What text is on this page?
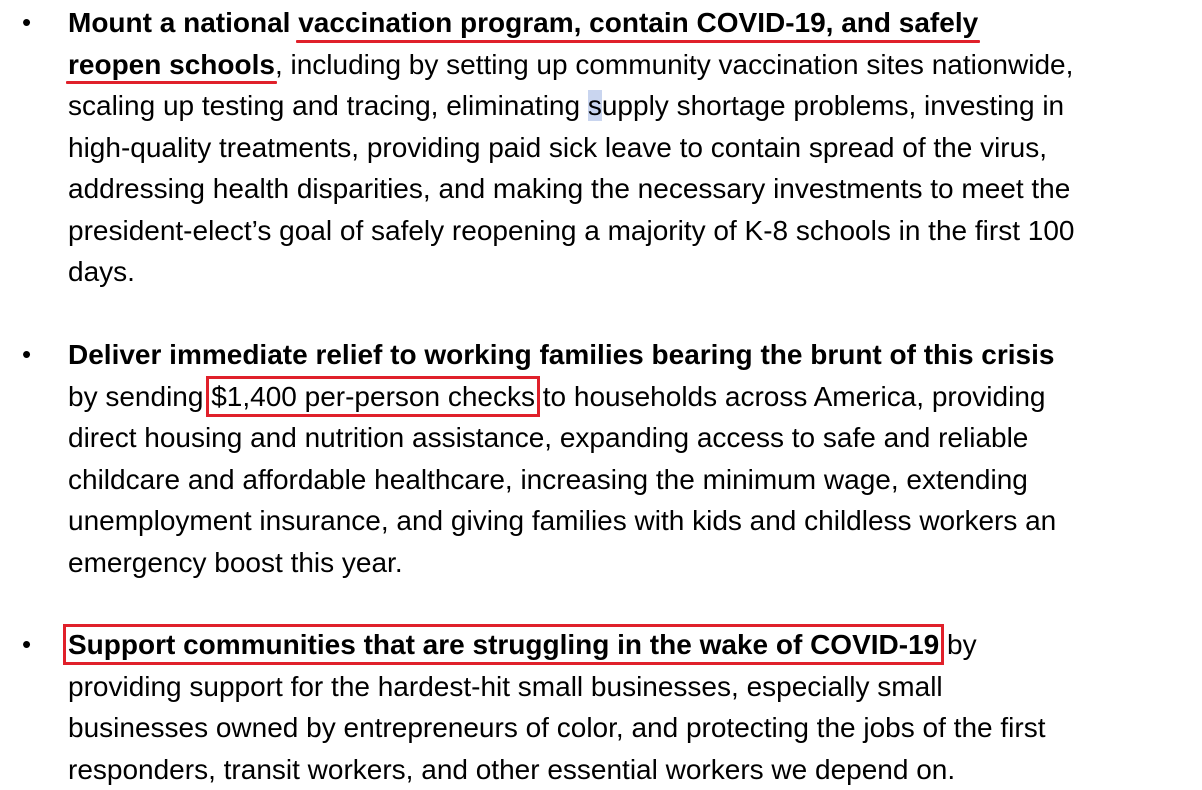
• Mount a national vaccination program, contain COVID-19, and safely
reopen schools, including by setting up community vaccination sites nationwide,
scaling up testing and tracing, eliminating supply shortage problems, investing in
high-quality treatments, providing paid sick leave to contain spread of the virus,
addressing health disparities, and making the necessary investments to meet the
president-elect’s goal of safely reopening a majority of K-8 schools in the first 100
days.
• Deliver immediate relief to working families bearing the brunt of this crisis
by sending $1,400 per-person checks to households across America, providing
direct housing and nutrition assistance, expanding access to safe and reliable
childcare and affordable healthcare, increasing the minimum wage, extending
unemployment insurance, and giving families with kids and childless workers an
emergency boost this year.
• Support communities that are struggling in the wake of COVID-19 by
providing support for the hardest-hit small businesses, especially small
businesses owned by entrepreneurs of color, and protecting the jobs of the first
responders, transit workers, and other essential workers we depend on.
